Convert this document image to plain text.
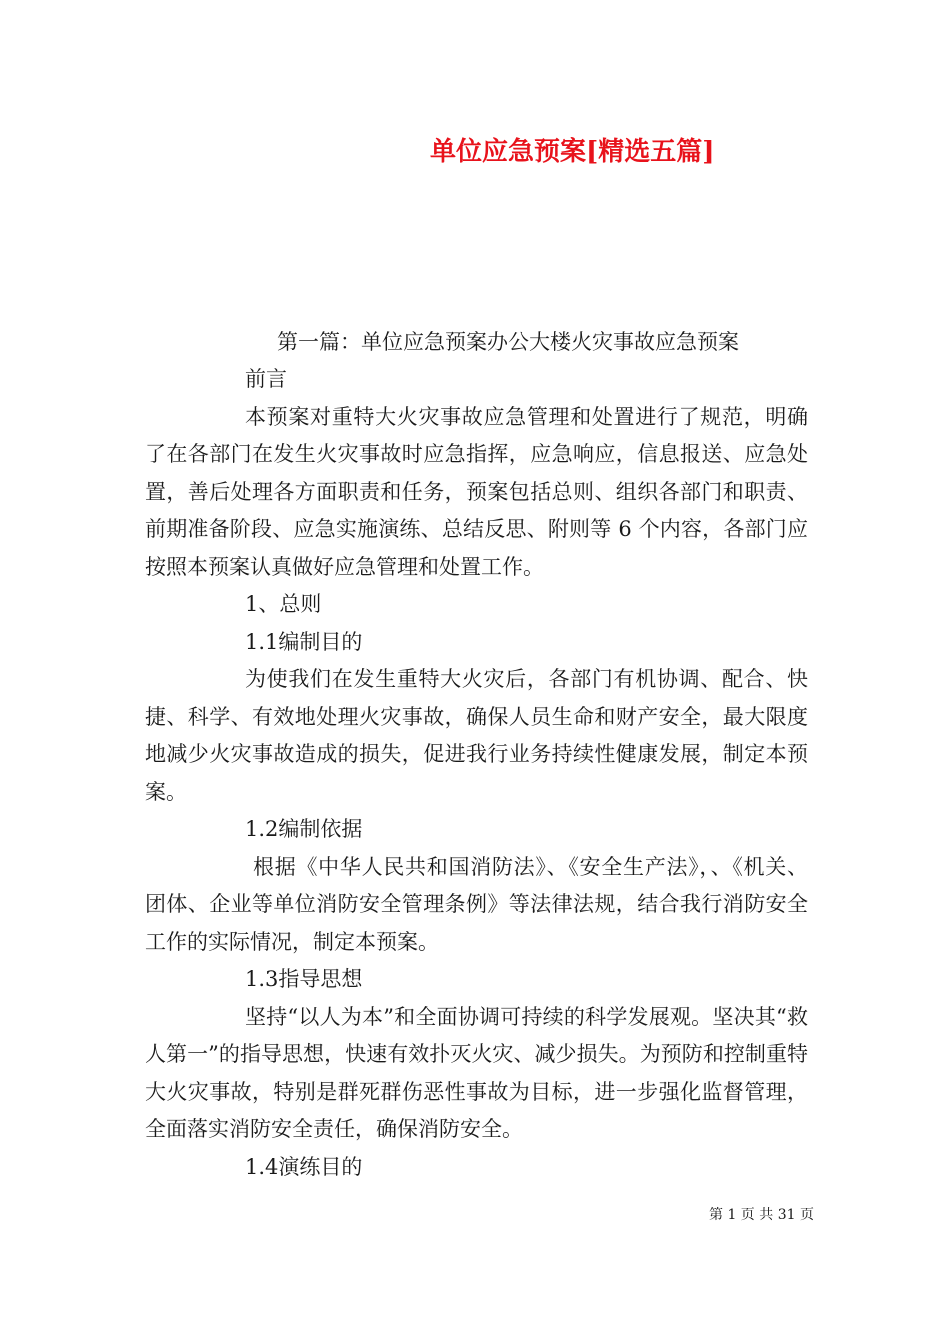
单位应急预案[精选五篇]
第一篇：单位应急预案办公大楼火灾事故应急预案

前言

本预案对重特大火灾事故应急管理和处置进行了规范，明确了在各部门在发生火灾事故时应急指挥，应急响应，信息报送、应急处置，善后处理各方面职责和任务，预案包括总则、组织各部门和职责、前期准备阶段、应急实施演练、总结反思、附则等 6 个内容，各部门应按照本预案认真做好应急管理和处置工作。

1、总则

1.1编制目的

为使我们在发生重特大火灾后，各部门有机协调、配合、快捷、科学、有效地处理火灾事故，确保人员生命和财产安全，最大限度地减少火灾事故造成的损失，促进我行业务持续性健康发展，制定本预案。

1.2编制依据

根据《中华人民共和国消防法》、《安全生产法》，、《机关、团体、企业等单位消防安全管理条例》等法律法规，结合我行消防安全工作的实际情况，制定本预案。

1.3指导思想

坚持“以人为本”和全面协调可持续的科学发展观。坚决其“救人第一”的指导思想，快速有效扑灭火灾、减少损失。为预防和控制重特大火灾事故，特别是群死群伤恶性事故为目标，进一步强化监督管理，全面落实消防安全责任，确保消防安全。

1.4演练目的

第 1 页 共 31 页
